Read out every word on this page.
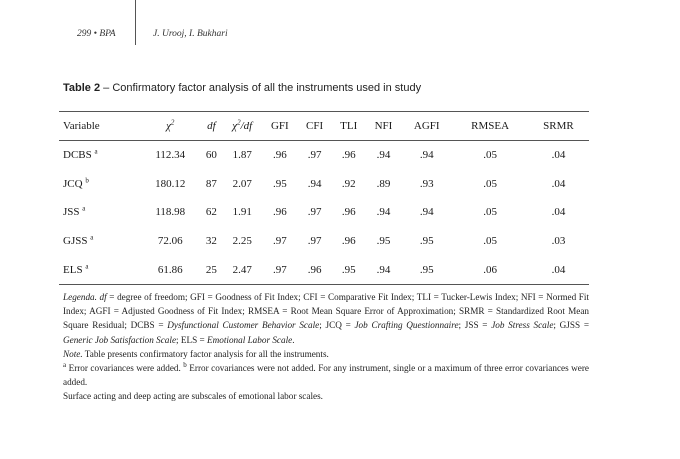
299 • BPA	J. Urooj, I. Bukhari
Table 2 – Confirmatory factor analysis of all the instruments used in study
Variable	$\chi^2$	df	$\chi^2/df$	GFI	CFI	TLI	NFI	AGFI	RMSEA	SRMR
DCBS $^a$	112.34	60	1.87	.96	.97	.96	.94	.94	.05	.04
JCQ $^b$	180.12	87	2.07	.95	.94	.92	.89	.93	.05	.04
JSS $^a$	118.98	62	1.91	.96	.97	.96	.94	.94	.05	.04
GJSS $^a$	72.06	32	2.25	.97	.97	.96	.95	.95	.05	.03
ELS $^a$	61.86	25	2.47	.97	.96	.95	.94	.95	.06	.04

Legenda. df = degree of freedom; GFI = Goodness of Fit Index; CFI = Comparative Fit Index; TLI = Tucker-Lewis Index; NFI = Normed Fit Index; AGFI = Adjusted Goodness of Fit Index; RMSEA = Root Mean Square Error of Approximation; SRMR = Standardized Root Mean Square Residual; DCBS = Dysfunctional Customer Behavior Scale; JCQ = Job Crafting Questionnaire; JSS = Job Stress Scale; GJSS = Generic Job Satisfaction Scale; ELS = Emotional Labor Scale.

Note. Table presents confirmatory factor analysis for all the instruments.

$^a$ Error covariances were added. $^b$ Error covariances were not added. For any instrument, single or a maximum of three error covariances were added.

Surface acting and deep acting are subscales of emotional labor scales.
